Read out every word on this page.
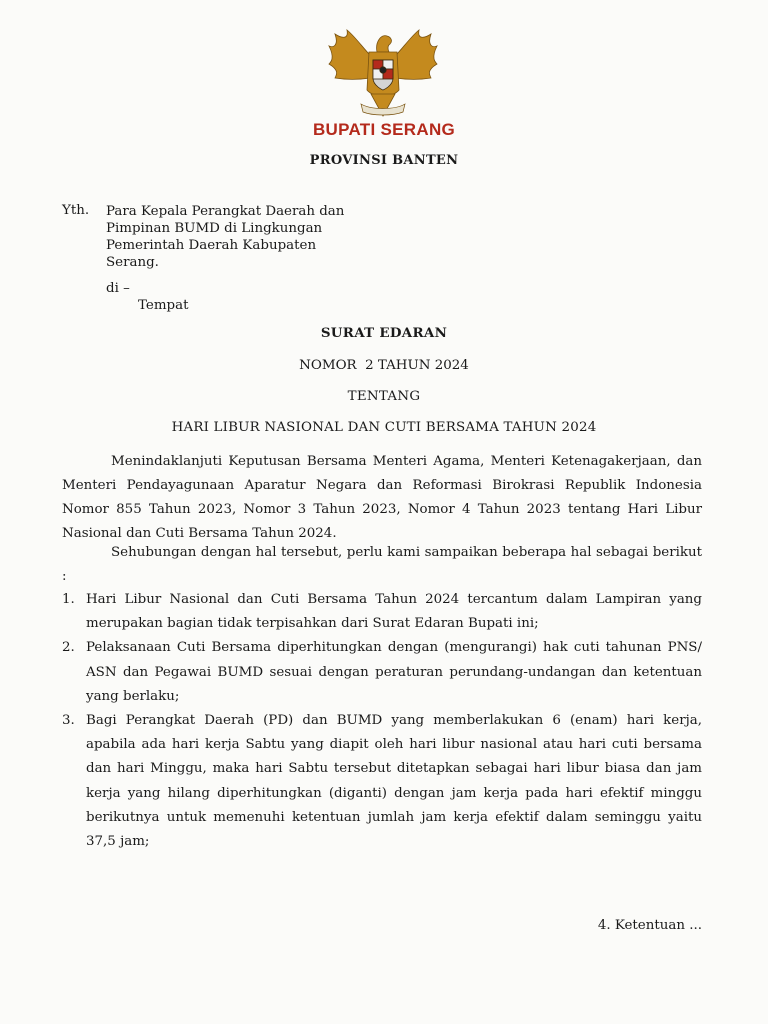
BUPATI SERANG
PROVINSI BANTEN
Yth. Para Kepala Perangkat Daerah dan
Pimpinan BUMD di Lingkungan
Pemerintah Daerah Kabupaten
Serang.
di –
Tempat
SURAT EDARAN
NOMOR  2 TAHUN 2024
TENTANG
HARI LIBUR NASIONAL DAN CUTI BERSAMA TAHUN 2024
Menindaklanjuti Keputusan Bersama Menteri Agama, Menteri Ketenagakerjaan, dan Menteri Pendayagunaan Aparatur Negara dan Reformasi Birokrasi Republik Indonesia Nomor 855 Tahun 2023, Nomor 3 Tahun 2023, Nomor 4 Tahun 2023 tentang Hari Libur Nasional dan Cuti Bersama Tahun 2024.
Sehubungan dengan hal tersebut, perlu kami sampaikan beberapa hal sebagai berikut :
1. Hari Libur Nasional dan Cuti Bersama Tahun 2024 tercantum dalam Lampiran yang merupakan bagian tidak terpisahkan dari Surat Edaran Bupati ini;
2. Pelaksanaan Cuti Bersama diperhitungkan dengan (mengurangi) hak cuti tahunan PNS/ ASN dan Pegawai BUMD sesuai dengan peraturan perundang-undangan dan ketentuan yang berlaku;
3. Bagi Perangkat Daerah (PD) dan BUMD yang memberlakukan 6 (enam) hari kerja, apabila ada hari kerja Sabtu yang diapit oleh hari libur nasional atau hari cuti bersama dan hari Minggu, maka hari Sabtu tersebut ditetapkan sebagai hari libur biasa dan jam kerja yang hilang diperhitungkan (diganti) dengan jam kerja pada hari efektif minggu berikutnya untuk memenuhi ketentuan jumlah jam kerja efektif dalam seminggu yaitu 37,5 jam;
4. Ketentuan ...
